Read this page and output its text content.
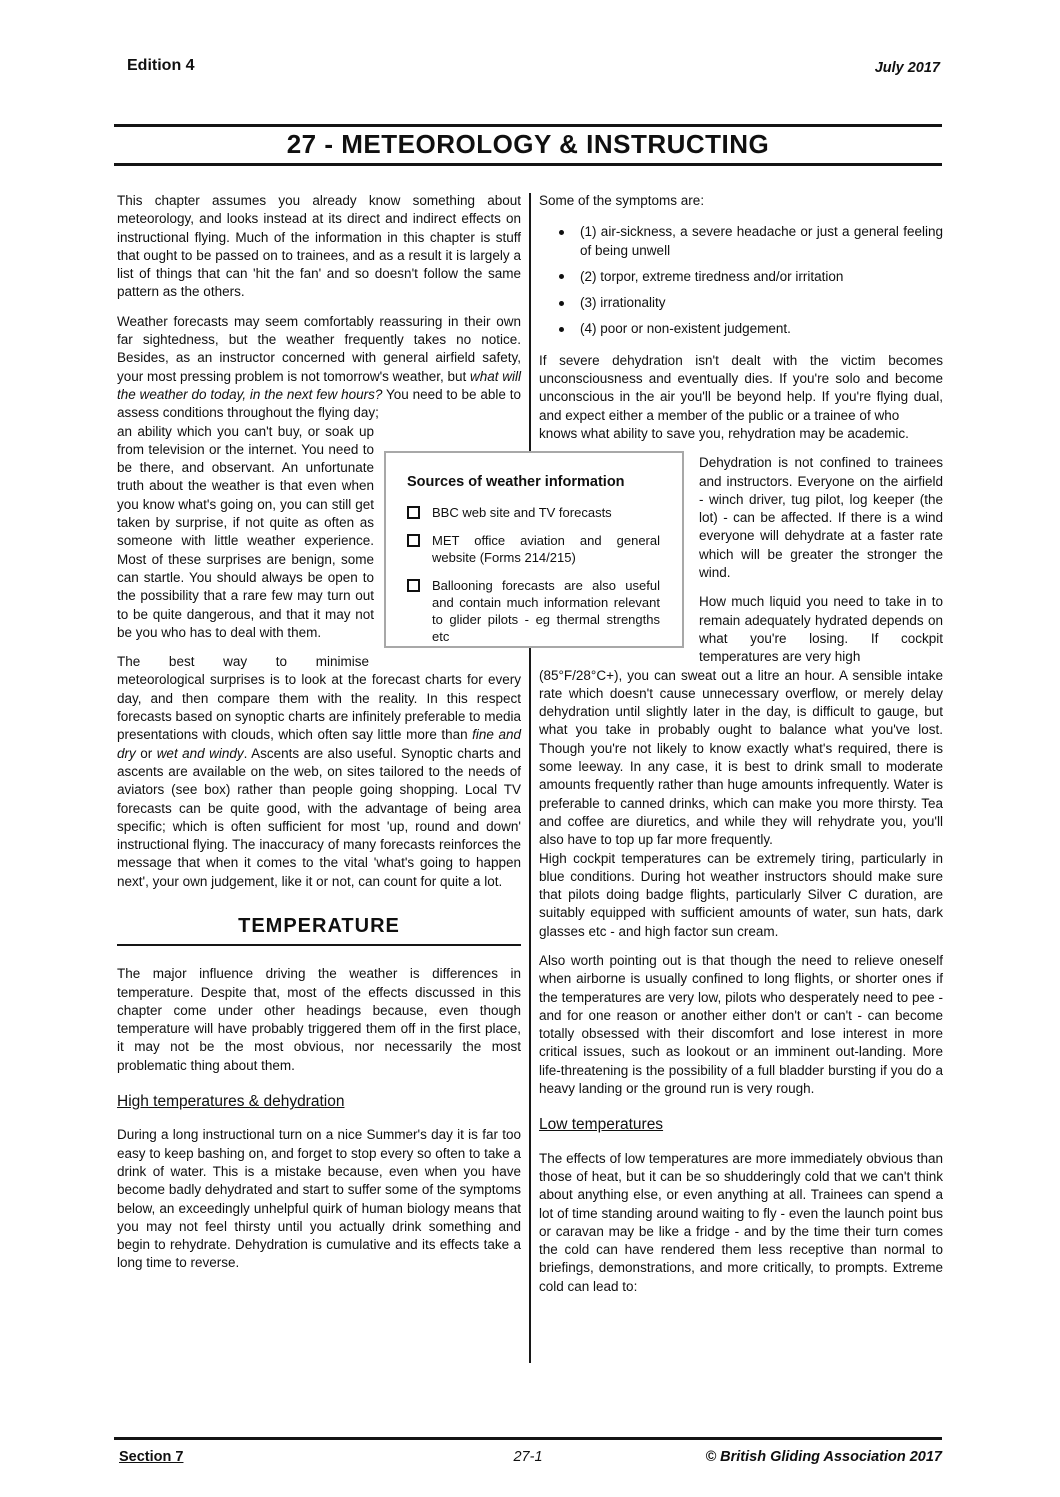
Edition 4	July 2017
27 - METEOROLOGY & INSTRUCTING

This chapter assumes you already know something about meteorology, and looks instead at its direct and indirect effects on instructional flying. Much of the information in this chapter is stuff that ought to be passed on to trainees, and as a result it is largely a list of things that can 'hit the fan' and so doesn't follow the same pattern as the others.

Weather forecasts may seem comfortably reassuring in their own far sightedness, but the weather frequently takes no notice. Besides, as an instructor concerned with general airfield safety, your most pressing problem is not tomorrow's weather, but what will the weather do today, in the next few hours? You need to be able to assess conditions throughout the flying day;

an ability which you can't buy, or soak up from television or the internet. You need to be there, and observant. An unfortunate truth about the weather is that even when you know what's going on, you can still get taken by surprise, if not quite as often as someone with little weather experience. Most of these surprises are benign, some can startle. You should always be open to the possibility that a rare few may turn out to be quite dangerous, and that it may not be you who has to deal with them.
The best way to minimise

meteorological surprises is to look at the forecast charts for every day, and then compare them with the reality. In this respect forecasts based on synoptic charts are infinitely preferable to media presentations with clouds, which often say little more than fine and dry or wet and windy. Ascents are also useful. Synoptic charts and ascents are available on the web, on sites tailored to the needs of aviators (see box) rather than people going shopping. Local TV forecasts can be quite good, with the advantage of being area specific; which is often sufficient for most 'up, round and down' instructional flying. The inaccuracy of many forecasts reinforces the message that when it comes to the vital 'what's going to happen next', your own judgement, like it or not, can count for quite a lot.

TEMPERATURE

The major influence driving the weather is differences in temperature. Despite that, most of the effects discussed in this chapter come under other headings because, even though temperature will have probably triggered them off in the first place, it may not be the most obvious, nor necessarily the most problematic thing about them.

High temperatures & dehydration

During a long instructional turn on a nice Summer's day it is far too easy to keep bashing on, and forget to stop every so often to take a drink of water. This is a mistake because, even when you have become badly dehydrated and start to suffer some of the symptoms below, an exceedingly unhelpful quirk of human biology means that you may not feel thirsty until you actually drink something and begin to rehydrate. Dehydration is cumulative and its effects take a long time to reverse.

Some of the symptoms are:

(1) air-sickness, a severe headache or just a general feeling of being unwell
(2) torpor, extreme tiredness and/or irritation
(3) irrationality
(4) poor or non-existent judgement.

If severe dehydration isn't dealt with the victim becomes unconsciousness and eventually dies. If you're solo and become unconscious in the air you'll be beyond help. If you're flying dual, and expect either a member of the public or a trainee of who

knows what ability to save you, rehydration may be academic.
Dehydration is not confined to trainees and instructors. Everyone on the airfield - winch driver, tug pilot, log keeper (the lot) - can be affected. If there is a wind everyone will dehydrate at a faster rate which will be greater the stronger the wind.
How much liquid you need to take in to remain adequately hydrated depends on what you're losing. If cockpit temperatures are very high

(85°F/28°C+), you can sweat out a litre an hour. A sensible intake rate which doesn't cause unnecessary overflow, or merely delay dehydration until slightly later in the day, is difficult to gauge, but what you take in probably ought to balance what you've lost. Though you're not likely to know exactly what's required, there is some leeway. In any case, it is best to drink small to moderate amounts frequently rather than huge amounts infrequently. Water is preferable to canned drinks, which can make you more thirsty. Tea and coffee are diuretics, and while they will rehydrate you, you'll also have to top up far more frequently.

High cockpit temperatures can be extremely tiring, particularly in blue conditions. During hot weather instructors should make sure that pilots doing badge flights, particularly Silver C duration, are suitably equipped with sufficient amounts of water, sun hats, dark glasses etc - and high factor sun cream.

Also worth pointing out is that though the need to relieve oneself when airborne is usually confined to long flights, or shorter ones if the temperatures are very low, pilots who desperately need to pee - and for one reason or another either don't or can't - can become totally obsessed with their discomfort and lose interest in more critical issues, such as lookout or an imminent out-landing. More life-threatening is the possibility of a full bladder bursting if you do a heavy landing or the ground run is very rough.

Low temperatures

The effects of low temperatures are more immediately obvious than those of heat, but it can be so shudderingly cold that we can't think about anything else, or even anything at all. Trainees can spend a lot of time standing around waiting to fly - even the launch point bus or caravan may be like a fridge - and by the time their turn comes the cold can have rendered them less receptive than normal to briefings, demonstrations, and more critically, to prompts. Extreme cold can lead to:

Sources of weather information
BBC web site and TV forecasts
MET office aviation and general website (Forms 214/215)
Ballooning forecasts are also useful and contain much information relevant to glider pilots - eg thermal strengths etc
Section 7	27-1	© British Gliding Association 2017
